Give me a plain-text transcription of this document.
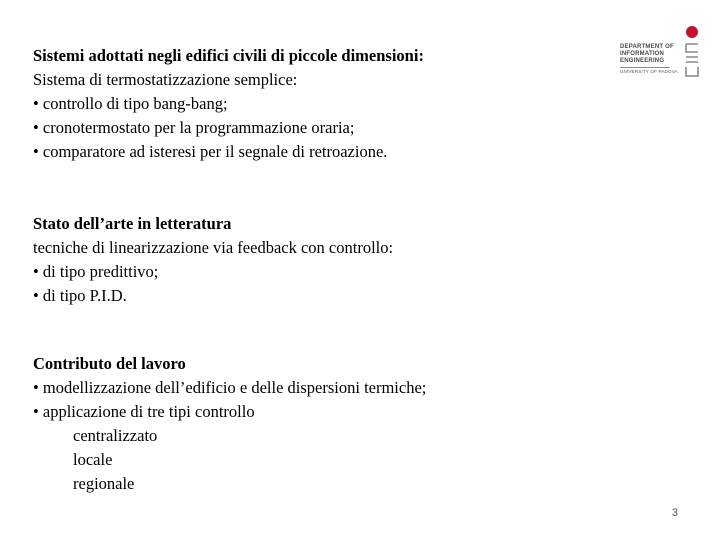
DEPARTMENT OF
INFORMATION
ENGINEERING
UNIVERSITY OF PADOVA
Sistemi adottati negli edifici civili di piccole dimensioni:
Sistema di termostatizzazione semplice:
• controllo di tipo bang-bang;
• cronotermostato per la programmazione oraria;
• comparatore ad isteresi per il segnale di retroazione.
Stato dell’arte in letteratura
tecniche di linearizzazione via feedback con controllo:
• di tipo predittivo;
• di tipo P.I.D.
Contributo del lavoro
• modellizzazione dell’edificio e delle dispersioni termiche;
• applicazione di tre tipi controllo
centralizzato
locale
regionale
3
